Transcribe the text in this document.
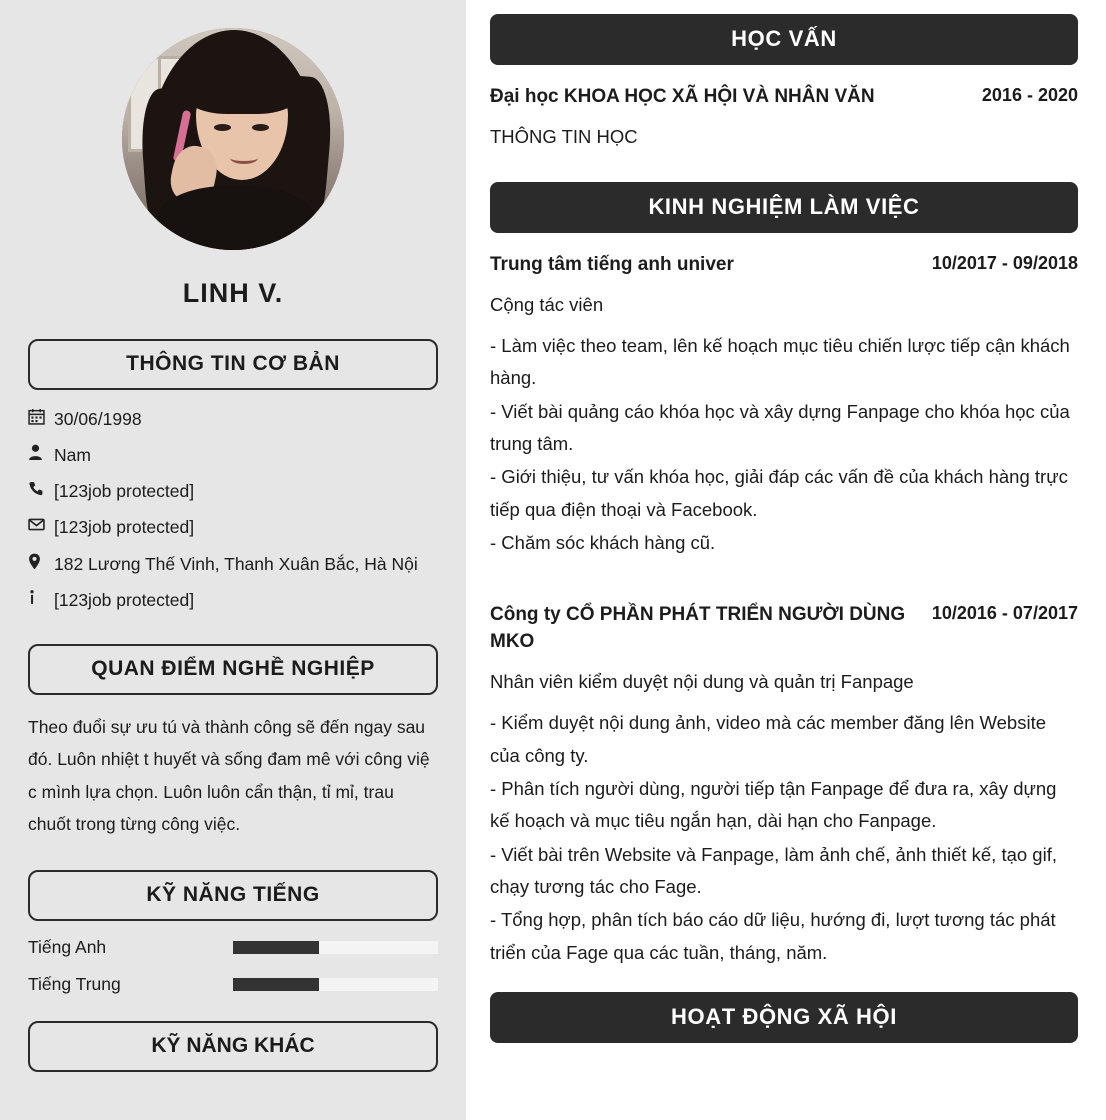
LINH V.
THÔNG TIN CƠ BẢN
30/06/1998
Nam
[123job protected]
[123job protected]
182 Lương Thế Vinh, Thanh Xuân Bắc, Hà Nội
[123job protected]
QUAN ĐIỂM NGHỀ NGHIỆP
Theo đuổi sự ưu tú và thành công sẽ đến ngay sau đó. Luôn nhiệt t huyết và sống đam mê với công việ c mình lựa chọn. Luôn luôn cẩn thận, tỉ mỉ, trau chuốt trong từng công việc.
KỸ NĂNG TIẾNG
Tiếng Anh
Tiếng Trung
KỸ NĂNG KHÁC
HỌC VẤN
Đại học KHOA HỌC XÃ HỘI VÀ NHÂN VĂN	2016 - 2020
THÔNG TIN HỌC
KINH NGHIỆM LÀM VIỆC
Trung tâm tiếng anh univer	10/2017 - 09/2018
Cộng tác viên
- Làm việc theo team, lên kế hoạch mục tiêu chiến lược tiếp cận khách hàng.
- Viết bài quảng cáo khóa học và xây dựng Fanpage cho khóa học của trung tâm.
- Giới thiệu, tư vấn khóa học, giải đáp các vấn đề của khách hàng trực tiếp qua điện thoại và Facebook.
- Chăm sóc khách hàng cũ.
Công ty CỔ PHẦN PHÁT TRIỂN NGƯỜI DÙNG MKO
10/2016 - 07/2017
Nhân viên kiểm duyệt nội dung và quản trị Fanpage
- Kiểm duyệt nội dung ảnh, video mà các member đăng lên Website của công ty.
- Phân tích người dùng, người tiếp tận Fanpage để đưa ra, xây dựng kế hoạch và mục tiêu ngắn hạn, dài hạn cho Fanpage.
- Viết bài trên Website và Fanpage, làm ảnh chế, ảnh thiết kế, tạo gif, chạy tương tác cho Fage.
- Tổng hợp, phân tích báo cáo dữ liệu, hướng đi, lượt tương tác phát triển của Fage qua các tuần, tháng, năm.
HOẠT ĐỘNG XÃ HỘI
